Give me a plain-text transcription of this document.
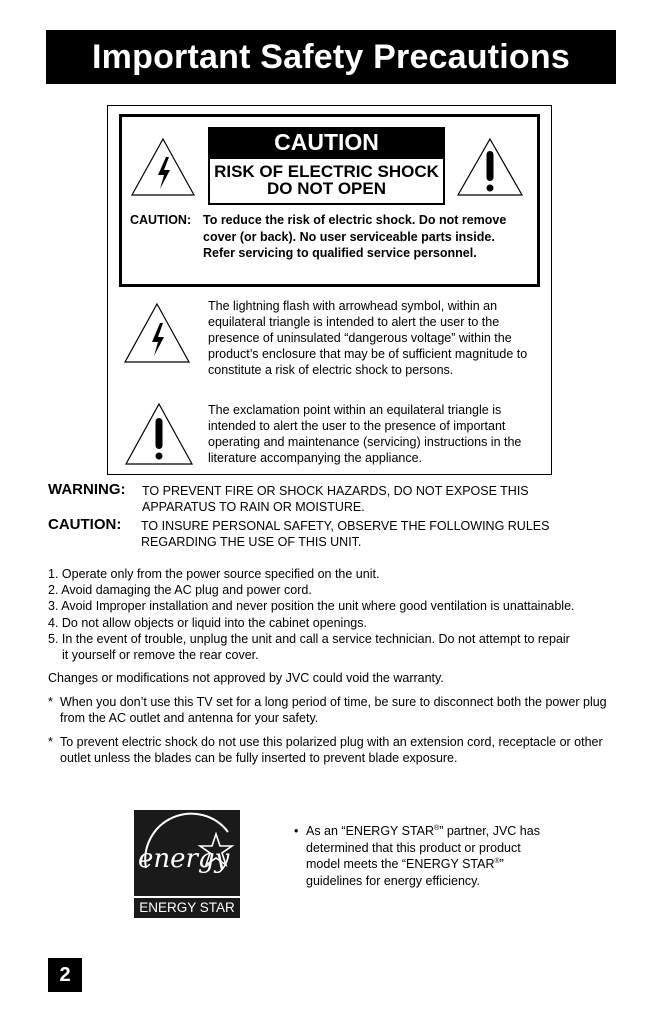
Important Safety Precautions
CAUTION
RISK OF ELECTRIC SHOCK
DO NOT OPEN
CAUTION: To reduce the risk of electric shock. Do not remove cover (or back). No user serviceable parts inside. Refer servicing to qualified service personnel.
The lightning flash with arrowhead symbol, within an equilateral triangle is intended to alert the user to the presence of uninsulated “dangerous voltage” within the product’s enclosure that may be of sufficient magnitude to constitute a risk of electric shock to persons.
The exclamation point within an equilateral triangle is intended to alert the user to the presence of important operating and maintenance (servicing) instructions in the literature accompanying the appliance.
WARNING: TO PREVENT FIRE OR SHOCK HAZARDS, DO NOT EXPOSE THIS APPARATUS TO RAIN OR MOISTURE.
CAUTION: TO INSURE PERSONAL SAFETY, OBSERVE THE FOLLOWING RULES REGARDING THE USE OF THIS UNIT.
1. Operate only from the power source specified on the unit.
2. Avoid damaging the AC plug and power cord.
3. Avoid Improper installation and never position the unit where good ventilation is unattainable.
4. Do not allow objects or liquid into the cabinet openings.
5. In the event of trouble, unplug the unit and call a service technician. Do not attempt to repair
it yourself or remove the rear cover.
Changes or modifications not approved by JVC could void the warranty.
* When you don’t use this TV set for a long period of time, be sure to disconnect both the power plug from the AC outlet and antenna for your safety.
* To prevent electric shock do not use this polarized plug with an extension cord, receptacle or other outlet unless the blades can be fully inserted to prevent blade exposure.
energy
ENERGY STAR
• As an “ENERGY STAR®” partner, JVC has determined that this product or product model meets the “ENERGY STAR®” guidelines for energy efficiency.
2
